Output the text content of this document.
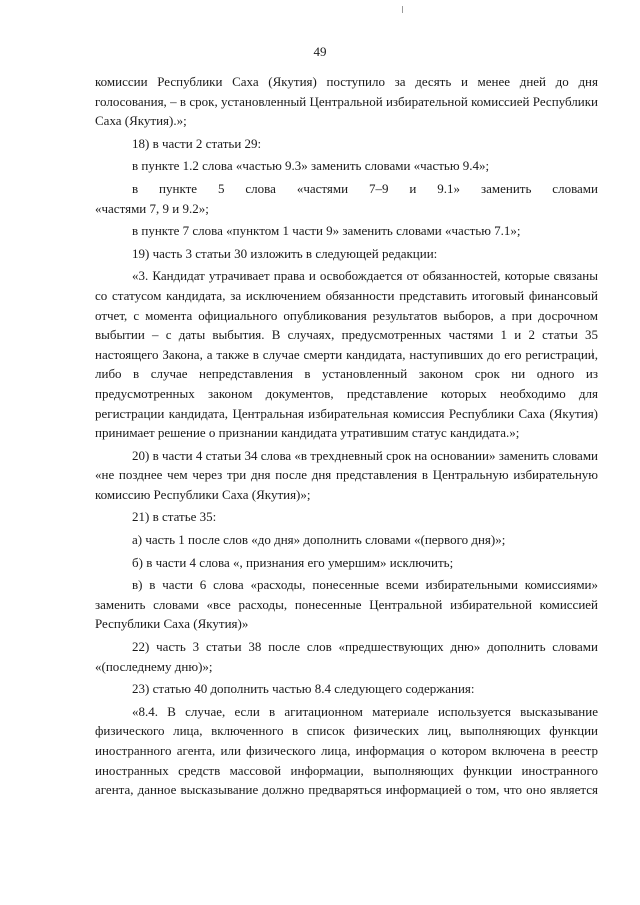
49
комиссии Республики Саха (Якутия) поступило за десять и менее дней до дня
голосования, – в срок, установленный Центральной избирательной комиссией Республики
Саха (Якутия).»;
18) в части 2 статьи 29:
в пункте 1.2 слова «частью 9.3» заменить словами «частью 9.4»;
в пункте 5 слова «частями 7–9 и 9.1» заменить словами
«частями 7, 9 и 9.2»;
в пункте 7 слова «пунктом 1 части 9» заменить словами «частью 7.1»;
19) часть 3 статьи 30 изложить в следующей редакции:
«3. Кандидат утрачивает права и освобождается от обязанностей, которые связаны
со статусом кандидата, за исключением обязанности представить итоговый финансовый
отчет, с момента официального опубликования результатов выборов, а при досрочном
выбытии – с даты выбытия. В случаях, предусмотренных частями 1 и 2 статьи 35
настоящего Закона, а также в случае смерти кандидата, наступивших до его регистрации,
либо в случае непредставления в установленный законом срок ни одного из
предусмотренных законом документов, представление которых необходимо для
регистрации кандидата, Центральная избирательная комиссия Республики Саха (Якутия)
принимает решение о признании кандидата утратившим статус кандидата.»;
20) в части 4 статьи 34 слова «в трехдневный срок на основании» заменить словами
«не позднее чем через три дня после дня представления в Центральную избирательную
комиссию Республики Саха (Якутия)»;
21) в статье 35:
а) часть 1 после слов «до дня» дополнить словами «(первого дня)»;
б) в части 4 слова «, признания его умершим» исключить;
в) в части 6 слова «расходы, понесенные всеми избирательными комиссиями»
заменить словами «все расходы, понесенные Центральной избирательной комиссией
Республики Саха (Якутия)»
22) часть 3 статьи 38 после слов «предшествующих дню» дополнить словами
«(последнему дню)»;
23) статью 40 дополнить частью 8.4 следующего содержания:
«8.4. В случае, если в агитационном материале используется высказывание
физического лица, включенного в список физических лиц, выполняющих функции
иностранного агента, или физического лица, информация о котором включена в реестр
иностранных средств массовой информации, выполняющих функции иностранного
агента, данное высказывание должно предваряться информацией о том, что оно является
